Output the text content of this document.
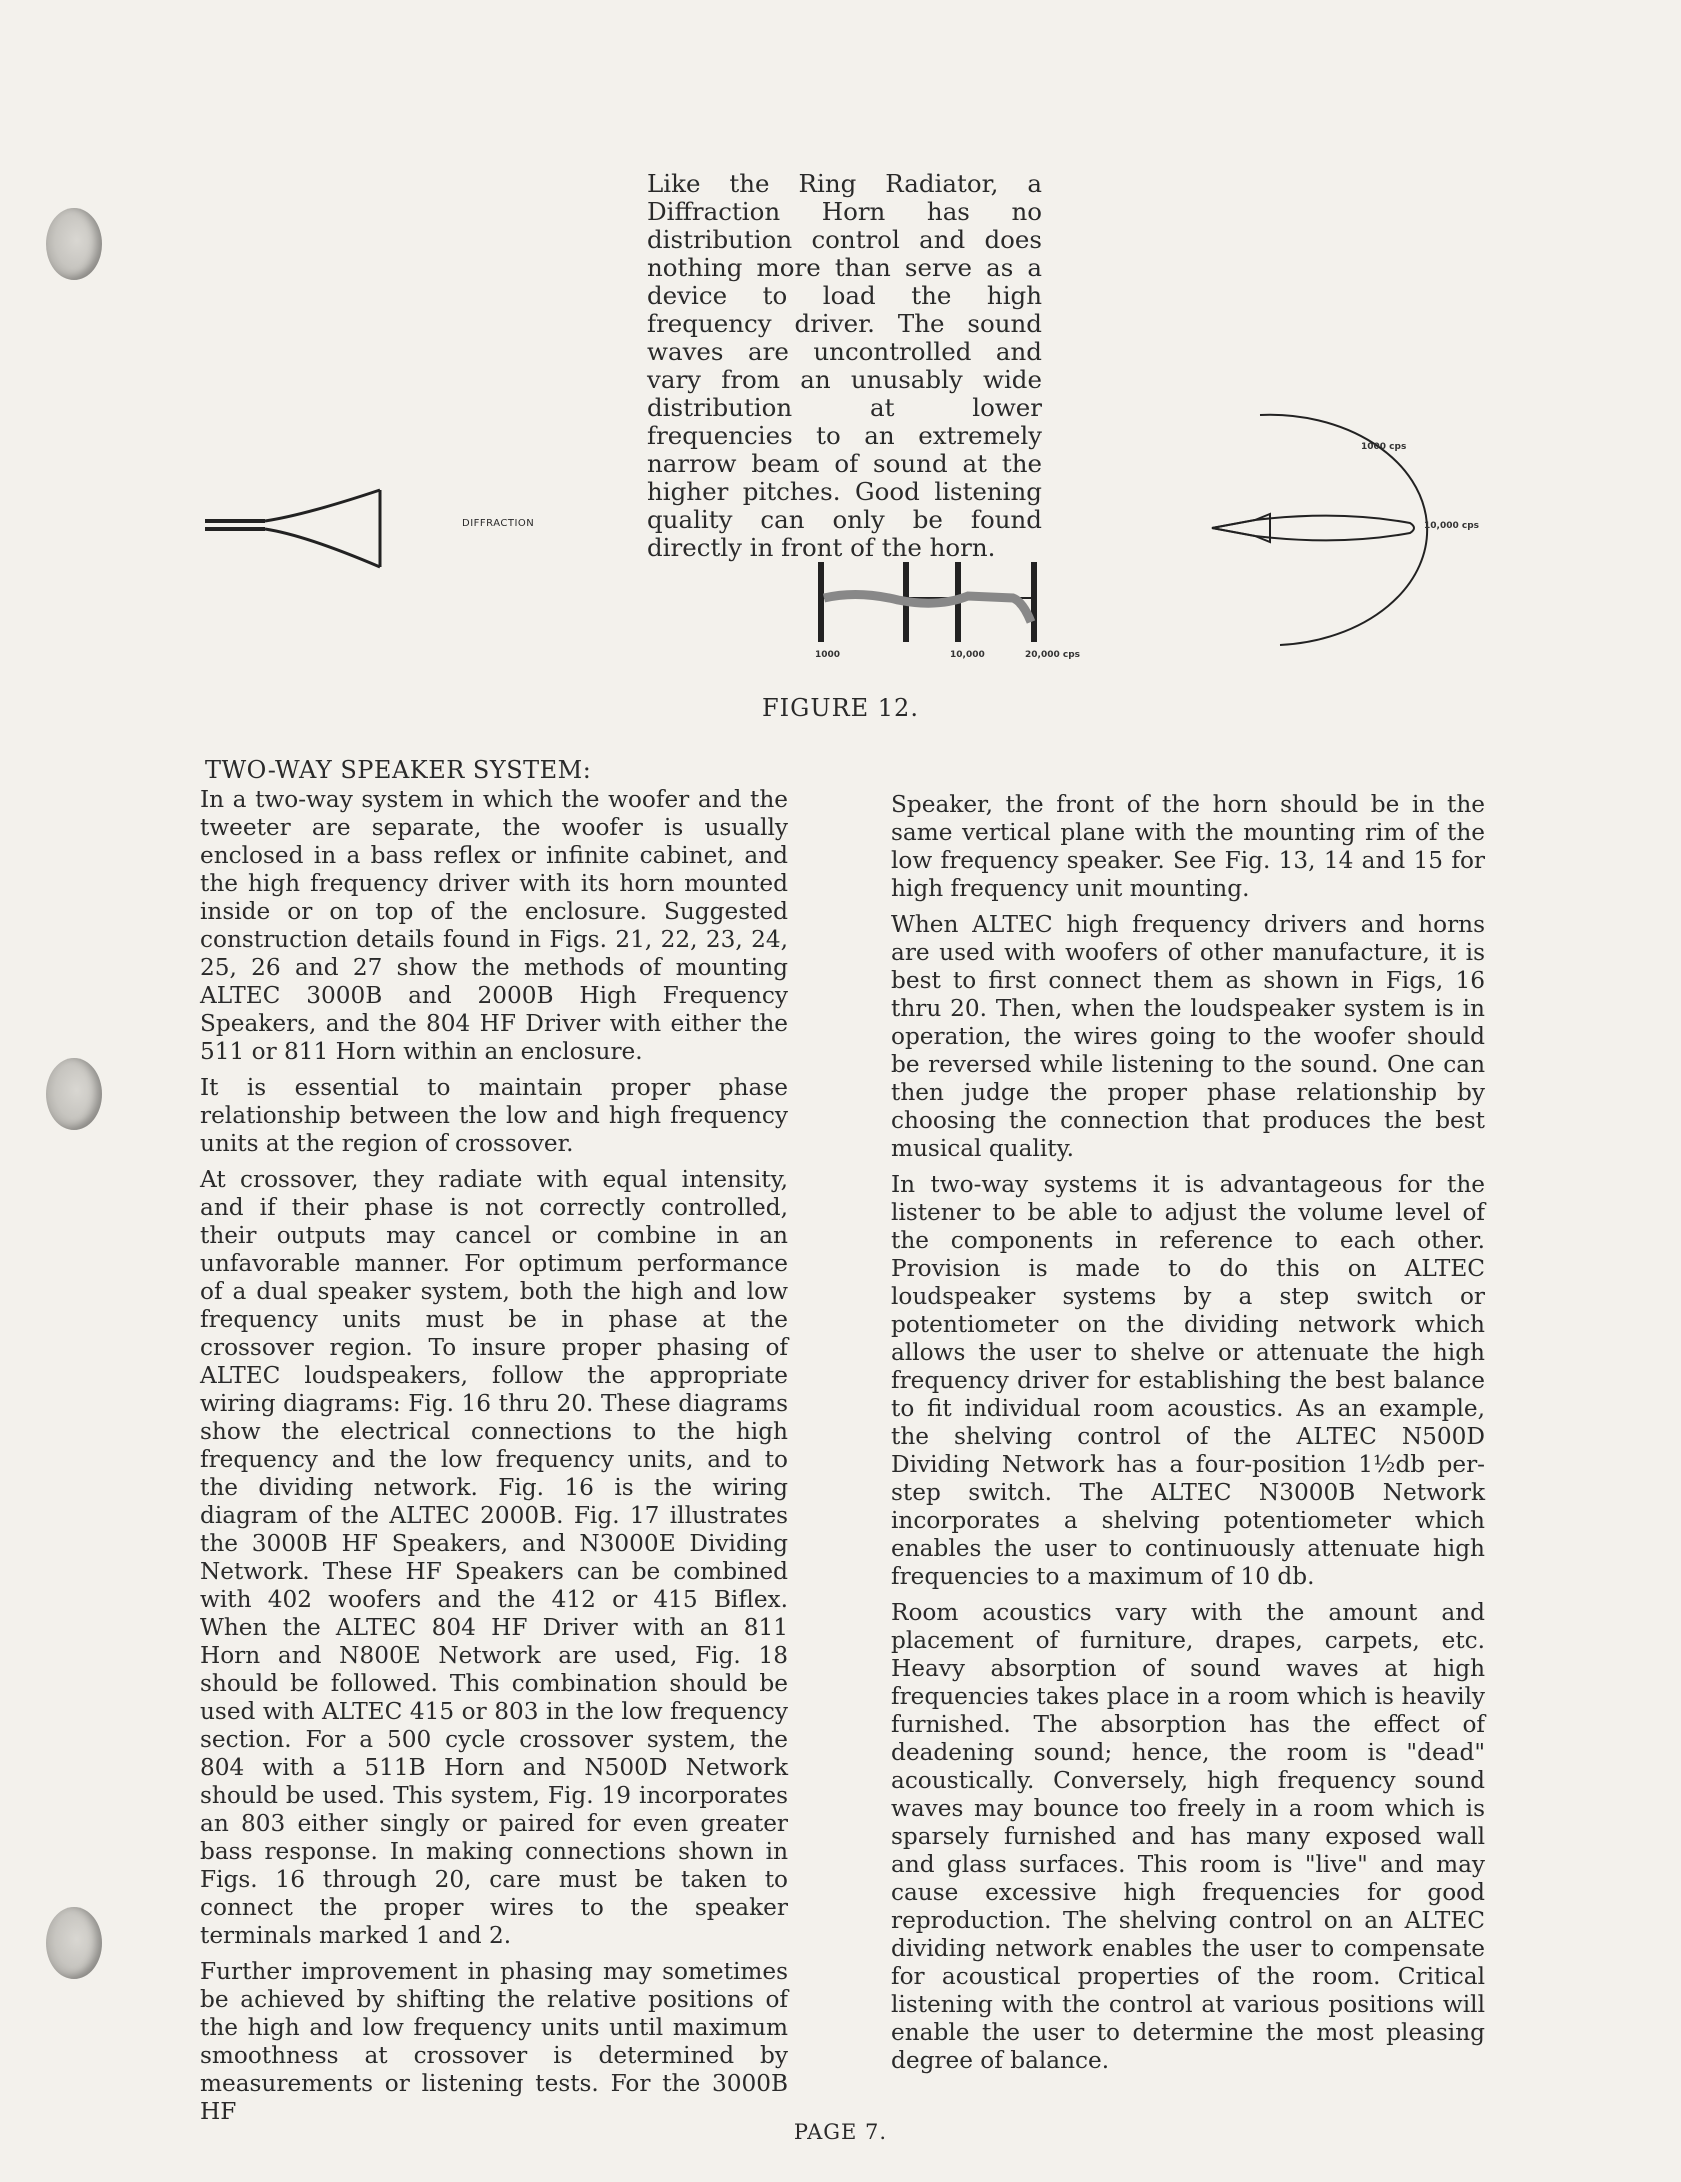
Like the Ring Radiator, a Diffraction Horn has no distribution control and does nothing more than serve as a device to load the high frequency driver. The sound waves are uncontrolled and vary from an unusably wide distribution at lower frequencies to an extremely narrow beam of sound at the higher pitches. Good listening quality can only be found directly in front of the horn.

DIFFRACTION
1000 cps
10,000 cps
1000	10,000	20,000 cps
FIGURE 12.
TWO-WAY SPEAKER SYSTEM:

In a two-way system in which the woofer and the tweeter are separate, the woofer is usually enclosed in a bass reflex or infinite cabinet, and the high frequency driver with its horn mounted inside or on top of the enclosure. Suggested construction details found in Figs. 21, 22, 23, 24, 25, 26 and 27 show the methods of mounting ALTEC 3000B and 2000B High Frequency Speakers, and the 804 HF Driver with either the 511 or 811 Horn within an enclosure.

It is essential to maintain proper phase relationship between the low and high frequency units at the region of crossover.

At crossover, they radiate with equal intensity, and if their phase is not correctly controlled, their outputs may cancel or combine in an unfavorable manner. For optimum performance of a dual speaker system, both the high and low frequency units must be in phase at the crossover region. To insure proper phasing of ALTEC loudspeakers, follow the appropriate wiring diagrams: Fig. 16 thru 20. These diagrams show the electrical connections to the high frequency and the low frequency units, and to the dividing network. Fig. 16 is the wiring diagram of the ALTEC 2000B. Fig. 17 illustrates the 3000B HF Speakers, and N3000E Dividing Network. These HF Speakers can be combined with 402 woofers and the 412 or 415 Biflex. When the ALTEC 804 HF Driver with an 811 Horn and N800E Network are used, Fig. 18 should be followed. This combination should be used with ALTEC 415 or 803 in the low frequency section. For a 500 cycle crossover system, the 804 with a 511B Horn and N500D Network should be used. This system, Fig. 19 incorporates an 803 either singly or paired for even greater bass response. In making connections shown in Figs. 16 through 20, care must be taken to connect the proper wires to the speaker terminals marked 1 and 2.

Further improvement in phasing may sometimes be achieved by shifting the relative positions of the high and low frequency units until maximum smoothness at crossover is determined by measurements or listening tests. For the 3000B HF

Speaker, the front of the horn should be in the same vertical plane with the mounting rim of the low frequency speaker. See Fig. 13, 14 and 15 for high frequency unit mounting.

When ALTEC high frequency drivers and horns are used with woofers of other manufacture, it is best to first connect them as shown in Figs, 16 thru 20. Then, when the loudspeaker system is in operation, the wires going to the woofer should be reversed while listening to the sound. One can then judge the proper phase relationship by choosing the connection that produces the best musical quality.

In two-way systems it is advantageous for the listener to be able to adjust the volume level of the components in reference to each other. Provision is made to do this on ALTEC loudspeaker systems by a step switch or potentiometer on the dividing network which allows the user to shelve or attenuate the high frequency driver for establishing the best balance to fit individual room acoustics. As an example, the shelving control of the ALTEC N500D Dividing Network has a four-position 1½db per-step switch. The ALTEC N3000B Network incorporates a shelving potentiometer which enables the user to continuously attenuate high frequencies to a maximum of 10 db.

Room acoustics vary with the amount and placement of furniture, drapes, carpets, etc. Heavy absorption of sound waves at high frequencies takes place in a room which is heavily furnished. The absorption has the effect of deadening sound; hence, the room is "dead" acoustically. Conversely, high frequency sound waves may bounce too freely in a room which is sparsely furnished and has many exposed wall and glass surfaces. This room is "live" and may cause excessive high frequencies for good reproduction. The shelving control on an ALTEC dividing network enables the user to compensate for acoustical properties of the room. Critical listening with the control at various positions will enable the user to determine the most pleasing degree of balance.

PAGE 7.
